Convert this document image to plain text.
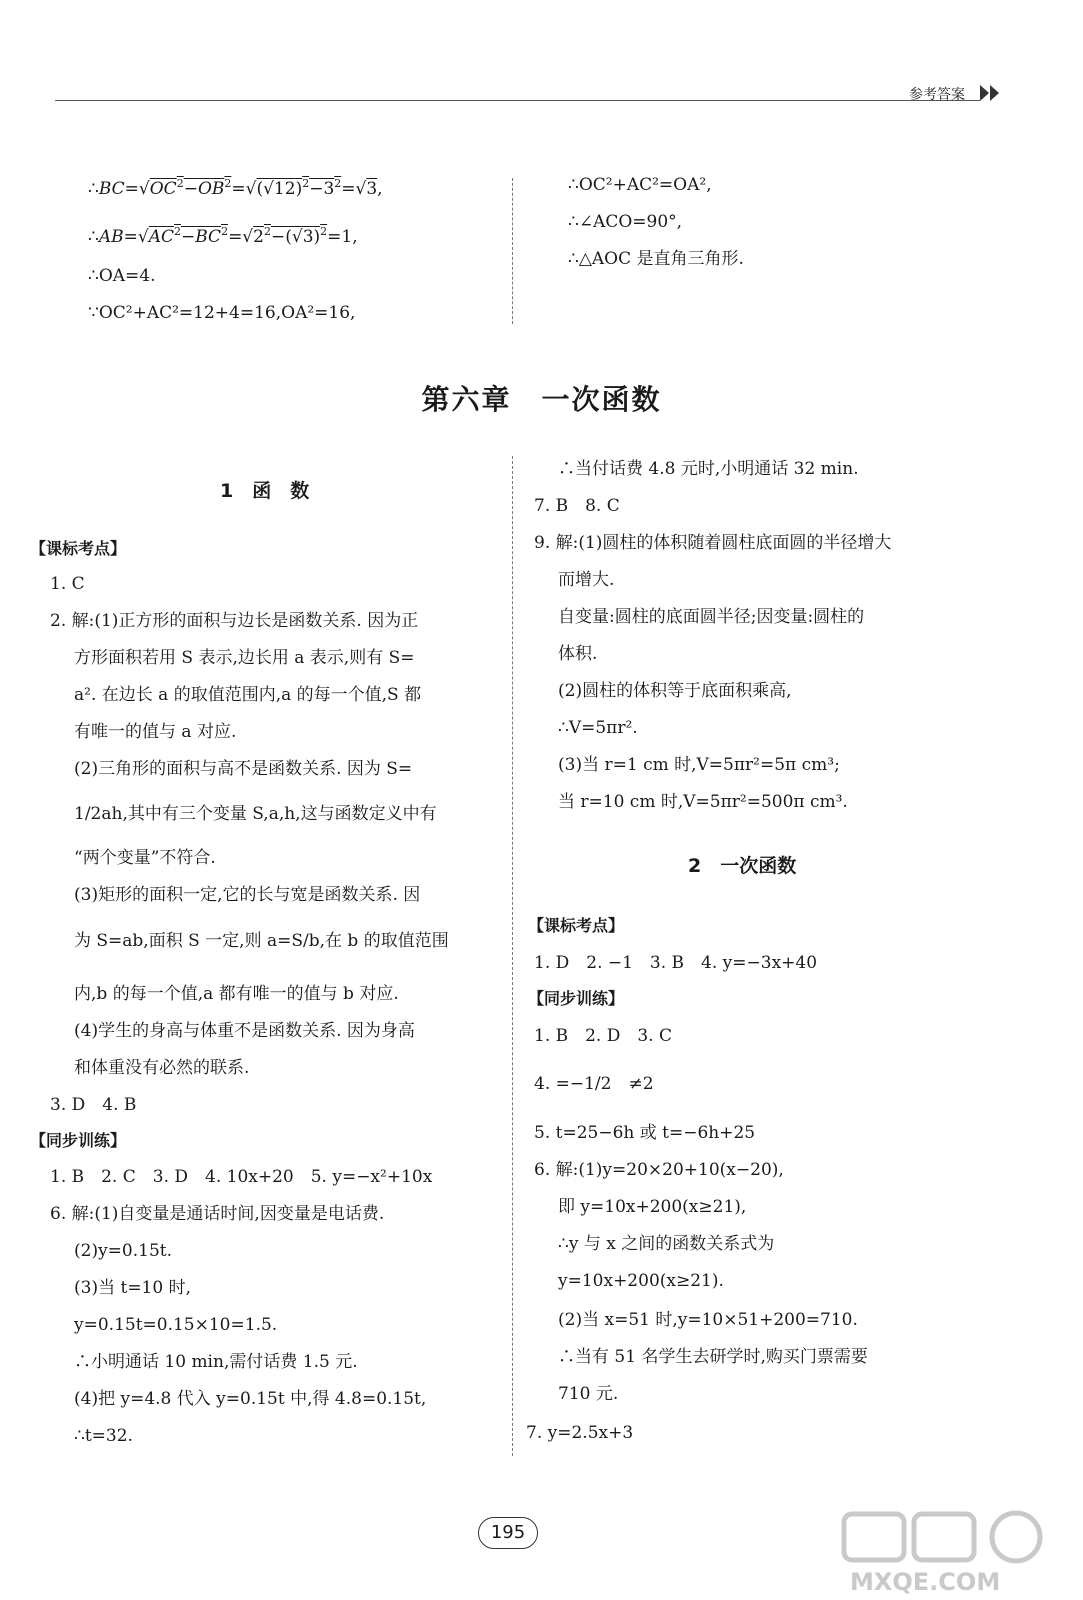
参考答案
$\therefore BC=√OC^2-OB^2=√(√12)^2-3^2=√3$,
$\therefore AB=√AC^2-BC^2=√2^2-(√3)^2=1$,
∴OA=4.
∵OC²+AC²=12+4=16,OA²=16,
∴OC²+AC²=OA²,
∴∠ACO=90°,
∴△AOC 是直角三角形.
第六章　一次函数
1　函　数
【课标考点】
1. C
2. 解:(1)正方形的面积与边长是函数关系. 因为正
方形面积若用 S 表示,边长用 a 表示,则有 S=
a². 在边长 a 的取值范围内,a 的每一个值,S 都
有唯一的值与 a 对应.
(2)三角形的面积与高不是函数关系. 因为 S=
1/2ah,其中有三个变量 S,a,h,这与函数定义中有
“两个变量”不符合.
(3)矩形的面积一定,它的长与宽是函数关系. 因
为 S=ab,面积 S 一定,则 a=S/b,在 b 的取值范围
内,b 的每一个值,a 都有唯一的值与 b 对应.
(4)学生的身高与体重不是函数关系. 因为身高
和体重没有必然的联系.
3. D　4. B
【同步训练】
1. B　2. C　3. D　4. 10x+20　5. y=−x²+10x
6. 解:(1)自变量是通话时间,因变量是电话费.
(2)y=0.15t.
(3)当 t=10 时,
y=0.15t=0.15×10=1.5.
∴小明通话 10 min,需付话费 1.5 元.
(4)把 y=4.8 代入 y=0.15t 中,得 4.8=0.15t,
∴t=32.
∴当付话费 4.8 元时,小明通话 32 min.
7. B　8. C
9. 解:(1)圆柱的体积随着圆柱底面圆的半径增大
而增大.
自变量:圆柱的底面圆半径;因变量:圆柱的
体积.
(2)圆柱的体积等于底面积乘高,
∴V=5πr².
(3)当 r=1 cm 时,V=5πr²=5π cm³;
当 r=10 cm 时,V=5πr²=500π cm³.
2　一次函数
【课标考点】
1. D　2. −1　3. B　4. y=−3x+40
【同步训练】
1. B　2. D　3. C
4. =−1/2　≠2
5. t=25−6h 或 t=−6h+25
6. 解:(1)y=20×20+10(x−20),
即 y=10x+200(x≥21),
∴y 与 x 之间的函数关系式为
y=10x+200(x≥21).
(2)当 x=51 时,y=10×51+200=710.
∴当有 51 名学生去研学时,购买门票需要
710 元.
7. y=2.5x+3
195
MXQE.COM
